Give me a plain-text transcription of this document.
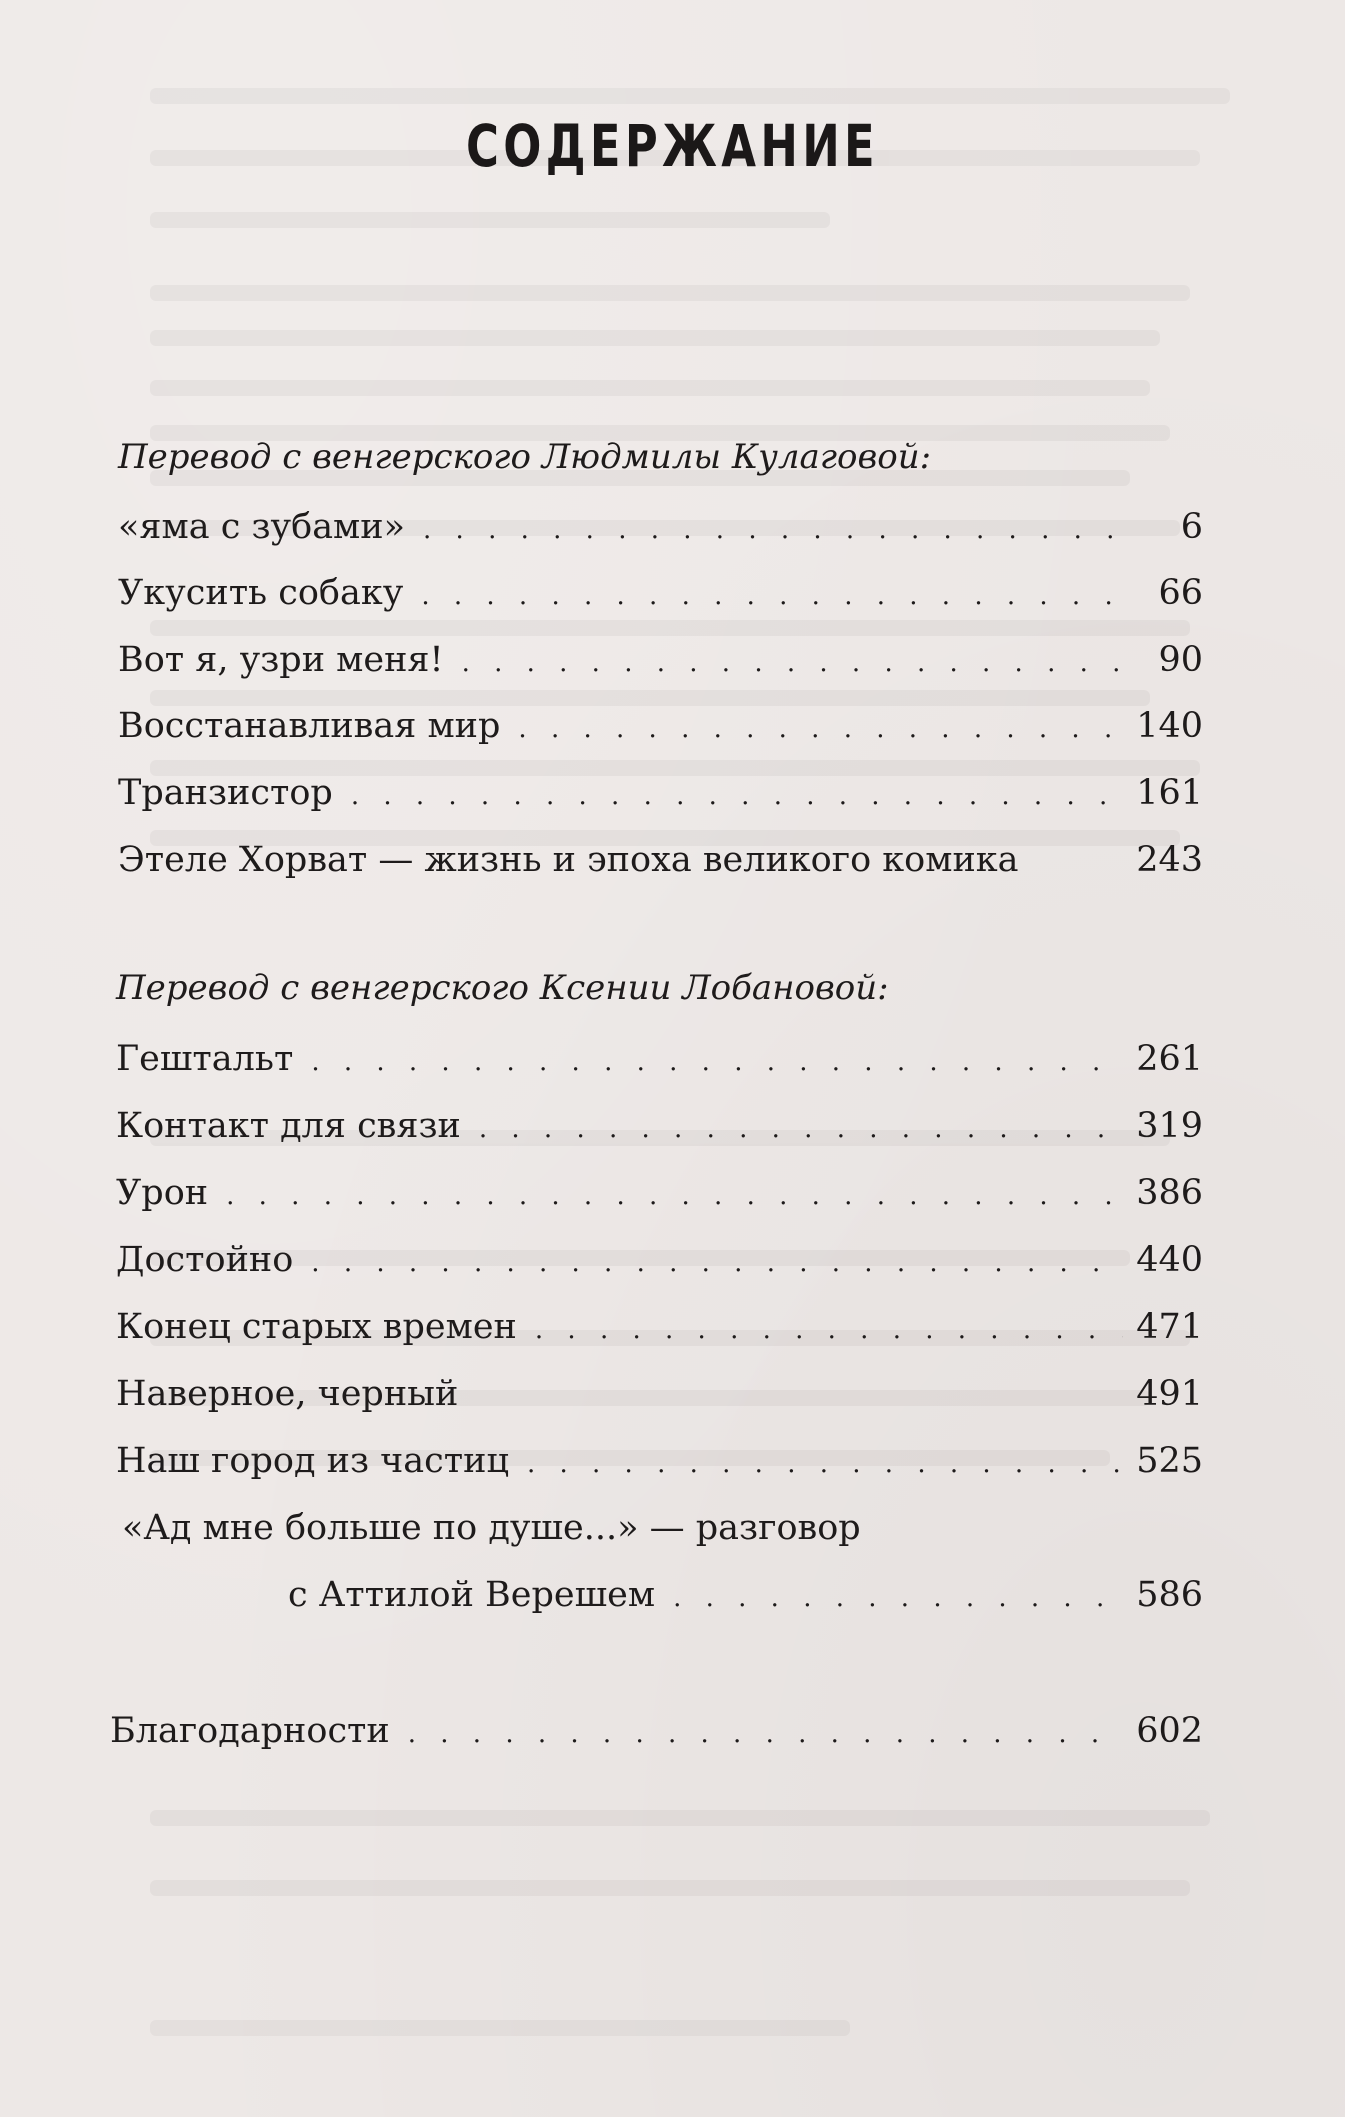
СОДЕРЖАНИЕ
Перевод с венгерского Людмилы Кулаговой:
«яма с зубами» . . .	6
Укусить собаку . . .	66
Вот я, узри меня! . . .	90
Восстанавливая мир . . .	140
Транзистор . . .	161
Этеле Хорват — жизнь и эпоха великого комика	243
Перевод с венгерского Ксении Лобановой:
Гештальт . . .	261
Контакт для связи . . .	319
Урон . . .	386
Достойно . . .	440
Конец старых времен . . .	471
Наверное, черный	491
Наш город из частиц . . .	525
«Ад мне больше по душе...» — разговор
с Аттилой Верешем . . .	586
Благодарности . . .	602
